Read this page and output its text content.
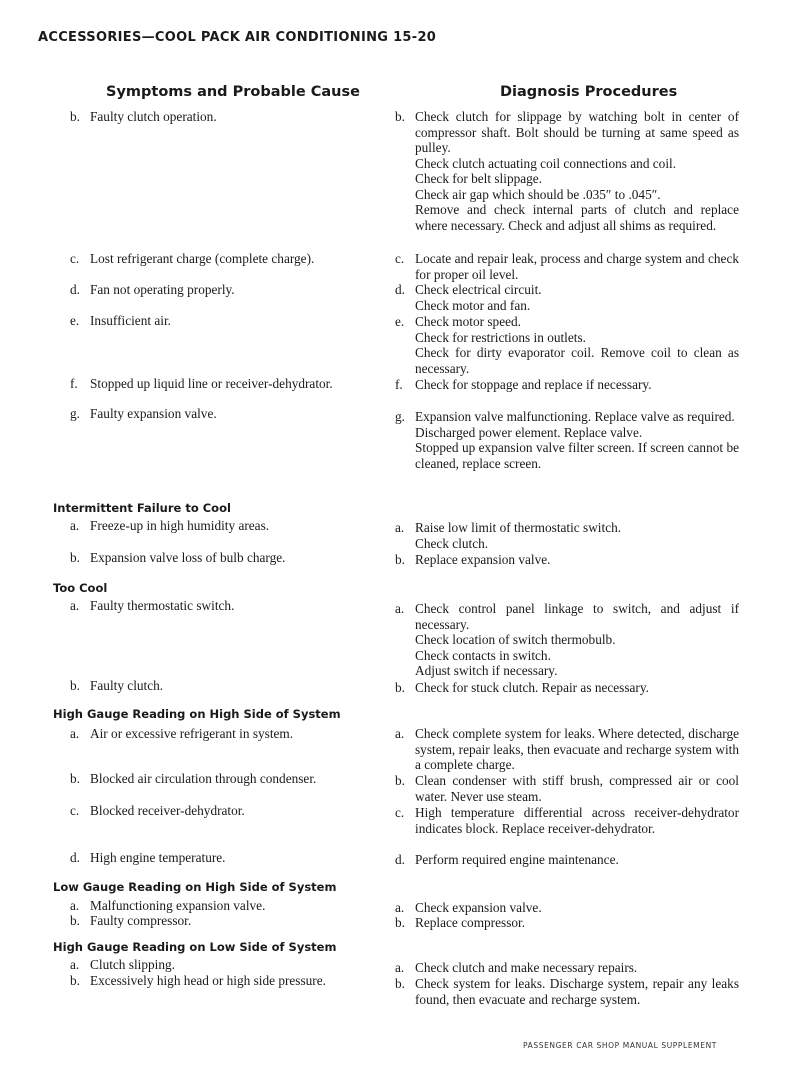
ACCESSORIES—COOL PACK AIR CONDITIONING 15-20
Symptoms and Probable Cause	Diagnosis Procedures
b. Faulty clutch operation.	b. Check clutch for slippage by watching bolt in center of compressor shaft. Bolt should be turning at same speed as pulley.

Check clutch actuating coil connections and coil.

Check for belt slippage.

Check air gap which should be .035″ to .045″.

Remove and check internal parts of clutch and replace where necessary. Check and adjust all shims as required.

c. Lost refrigerant charge (complete charge).	c. Locate and repair leak, process and charge system and check for proper oil level.

d. Fan not operating properly.	d. Check electrical circuit.

Check motor and fan.

e. Insufficient air.	e. Check motor speed.

Check for restrictions in outlets.

Check for dirty evaporator coil. Remove coil to clean as necessary.

f. Stopped up liquid line or receiver-dehydrator.	f. Check for stoppage and replace if necessary.

g. Faulty expansion valve.	g. Expansion valve malfunctioning. Replace valve as required.

Discharged power element. Replace valve.

Stopped up expansion valve filter screen. If screen cannot be cleaned, replace screen.

Intermittent Failure to Cool
a. Freeze-up in high humidity areas.	a. Raise low limit of thermostatic switch.

Check clutch.

b. Expansion valve loss of bulb charge.	b. Replace expansion valve.

Too Cool
a. Faulty thermostatic switch.	a. Check control panel linkage to switch, and adjust if necessary.

Check location of switch thermobulb.

Check contacts in switch.

Adjust switch if necessary.

b. Faulty clutch.	b. Check for stuck clutch. Repair as necessary.

High Gauge Reading on High Side of System
a. Air or excessive refrigerant in system.	a. Check complete system for leaks. Where detected, discharge system, repair leaks, then evacuate and recharge system with a complete charge.

b. Blocked air circulation through condenser.	b. Clean condenser with stiff brush, compressed air or cool water. Never use steam.

c. Blocked receiver-dehydrator.	c. High temperature differential across receiver-dehydrator indicates block. Replace receiver-dehydrator.

d. High engine temperature.	d. Perform required engine maintenance.

Low Gauge Reading on High Side of System
a. Malfunctioning expansion valve.	a. Check expansion valve.

b. Faulty compressor.	b. Replace compressor.

High Gauge Reading on Low Side of System
a. Clutch slipping.	a. Check clutch and make necessary repairs.

b. Excessively high head or high side pressure.	b. Check system for leaks. Discharge system, repair any leaks found, then evacuate and recharge system.

PASSENGER CAR SHOP MANUAL SUPPLEMENT
